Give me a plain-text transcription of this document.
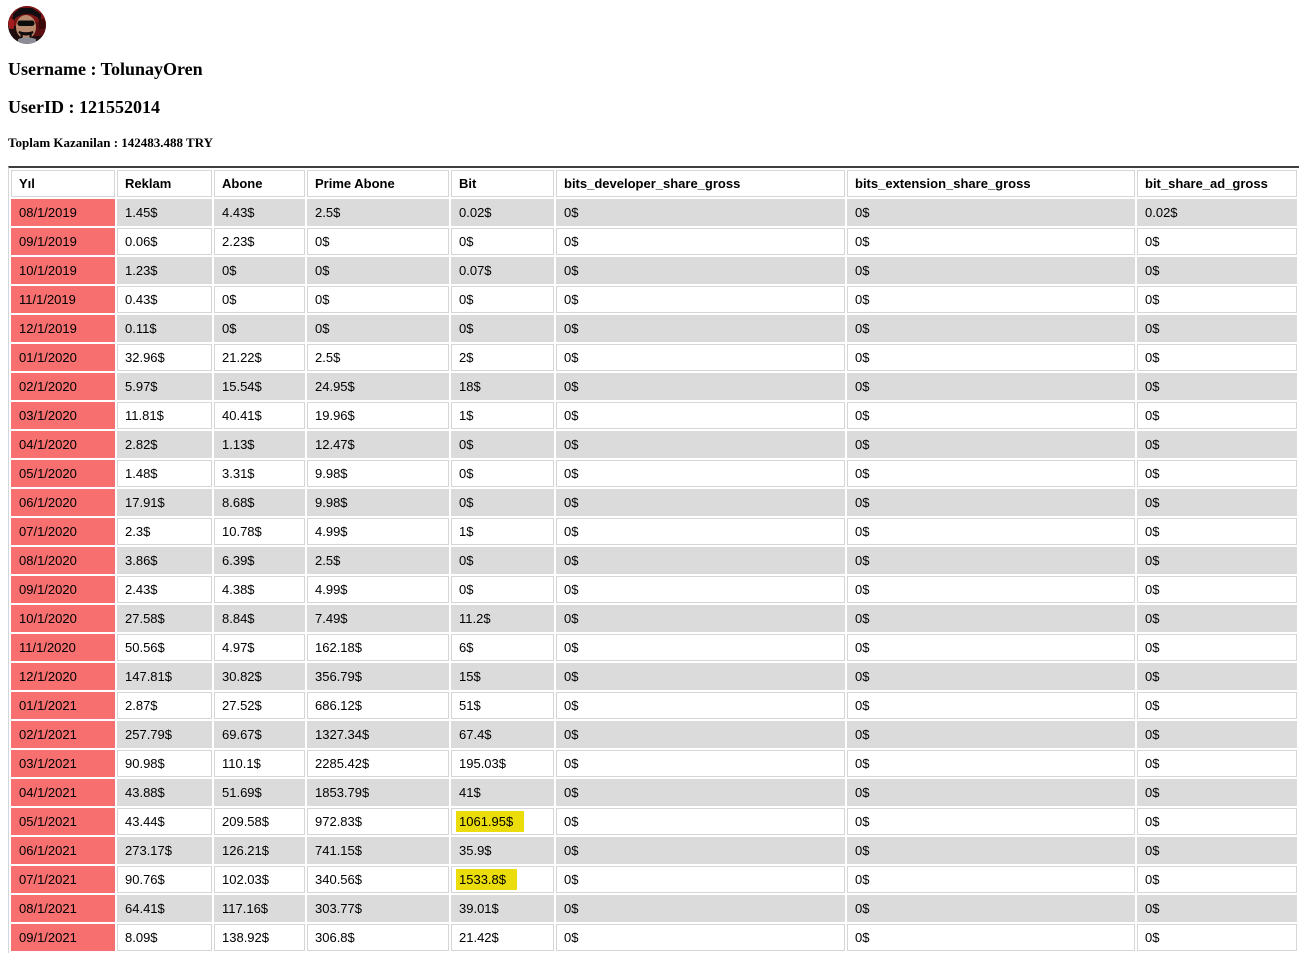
Username : TolunayOren
UserID : 121552014
Toplam Kazanilan : 142483.488 TRY
Yıl	Reklam	Abone	Prime Abone	Bit	bits_developer_share_gross	bits_extension_share_gross	bit_share_ad_gross
08/1/2019	1.45$	4.43$	2.5$	0.02$	0$	0$	0.02$
09/1/2019	0.06$	2.23$	0$	0$	0$	0$	0$
10/1/2019	1.23$	0$	0$	0.07$	0$	0$	0$
11/1/2019	0.43$	0$	0$	0$	0$	0$	0$
12/1/2019	0.11$	0$	0$	0$	0$	0$	0$
01/1/2020	32.96$	21.22$	2.5$	2$	0$	0$	0$
02/1/2020	5.97$	15.54$	24.95$	18$	0$	0$	0$
03/1/2020	11.81$	40.41$	19.96$	1$	0$	0$	0$
04/1/2020	2.82$	1.13$	12.47$	0$	0$	0$	0$
05/1/2020	1.48$	3.31$	9.98$	0$	0$	0$	0$
06/1/2020	17.91$	8.68$	9.98$	0$	0$	0$	0$
07/1/2020	2.3$	10.78$	4.99$	1$	0$	0$	0$
08/1/2020	3.86$	6.39$	2.5$	0$	0$	0$	0$
09/1/2020	2.43$	4.38$	4.99$	0$	0$	0$	0$
10/1/2020	27.58$	8.84$	7.49$	11.2$	0$	0$	0$
11/1/2020	50.56$	4.97$	162.18$	6$	0$	0$	0$
12/1/2020	147.81$	30.82$	356.79$	15$	0$	0$	0$
01/1/2021	2.87$	27.52$	686.12$	51$	0$	0$	0$
02/1/2021	257.79$	69.67$	1327.34$	67.4$	0$	0$	0$
03/1/2021	90.98$	110.1$	2285.42$	195.03$	0$	0$	0$
04/1/2021	43.88$	51.69$	1853.79$	41$	0$	0$	0$
05/1/2021	43.44$	209.58$	972.83$	1061.95$	0$	0$	0$
06/1/2021	273.17$	126.21$	741.15$	35.9$	0$	0$	0$
07/1/2021	90.76$	102.03$	340.56$	1533.8$	0$	0$	0$
08/1/2021	64.41$	117.16$	303.77$	39.01$	0$	0$	0$
09/1/2021	8.09$	138.92$	306.8$	21.42$	0$	0$	0$
